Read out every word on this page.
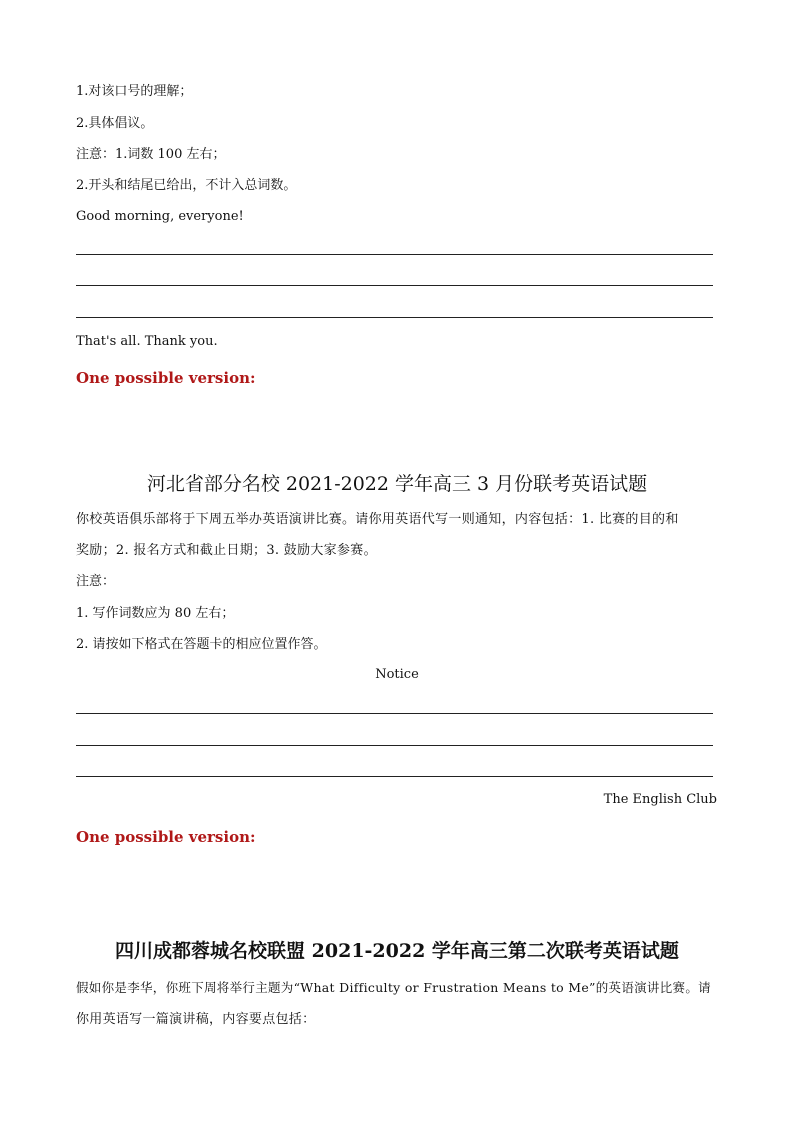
1.对该口号的理解；
2.具体倡议。
注意：1.词数 100 左右；
2.开头和结尾已给出，不计入总词数。
Good morning, everyone!
That's all. Thank you.
One possible version:
河北省部分名校 2021-2022 学年高三 3 月份联考英语试题
你校英语俱乐部将于下周五举办英语演讲比赛。请你用英语代写一则通知，内容包括：1. 比赛的目的和
奖励；2. 报名方式和截止日期；3. 鼓励大家参赛。
注意：
1. 写作词数应为 80 左右；
2. 请按如下格式在答题卡的相应位置作答。
Notice
The English Club
One possible version:
四川成都蓉城名校联盟 2021-2022 学年高三第二次联考英语试题
假如你是李华，你班下周将举行主题为“What Difficulty or Frustration Means to Me”的英语演讲比赛。请
你用英语写一篇演讲稿，内容要点包括：
